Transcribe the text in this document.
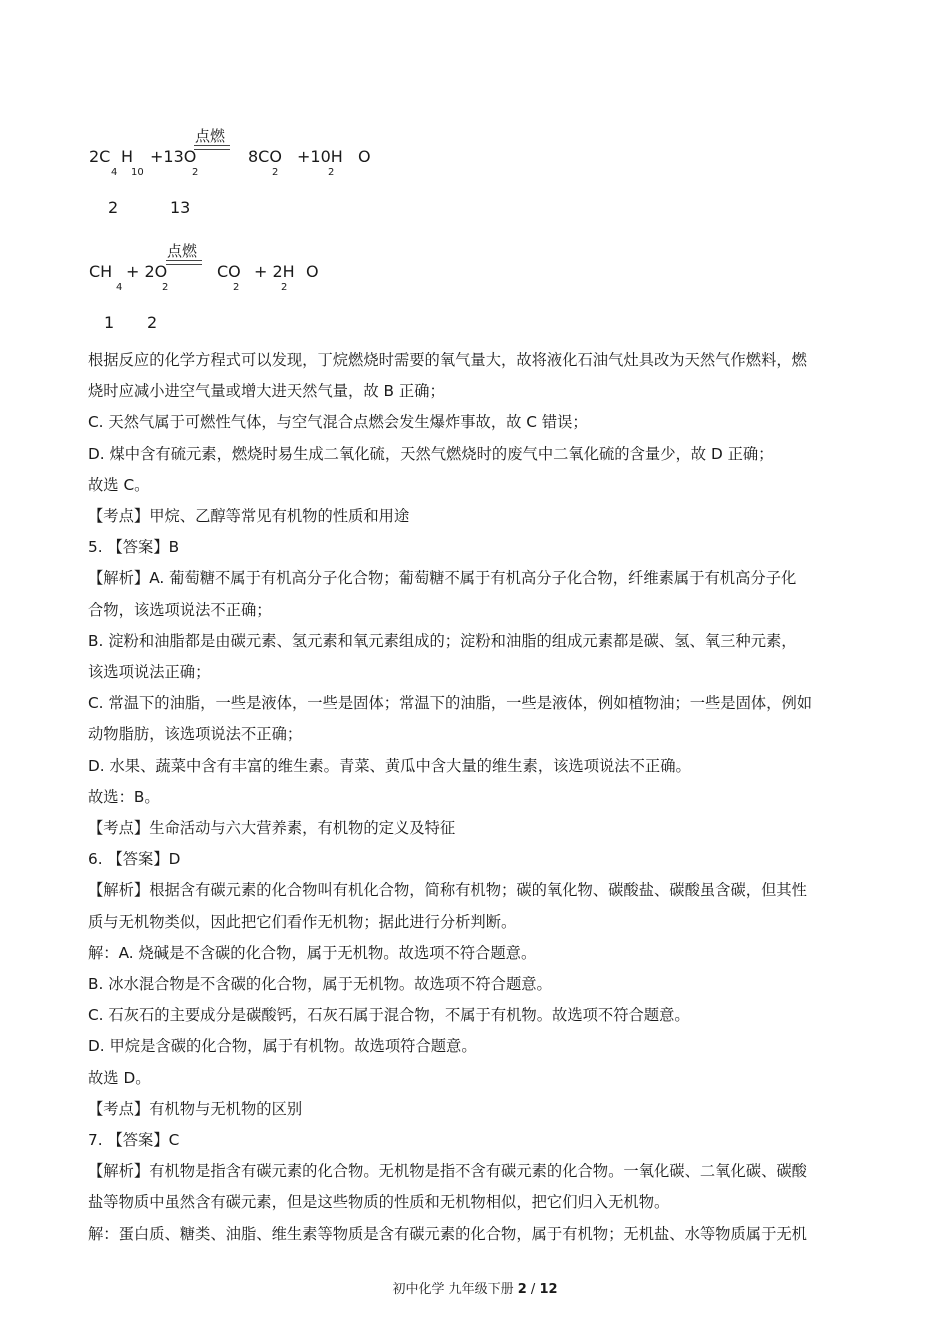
点燃
2C H +13O	8CO +10H O
4 10	2	2	2
2	13
点燃
CH + 2O	CO + 2H O
4	2	2	2
1 2
根据反应的化学方程式可以发现，丁烷燃烧时需要的氧气量大，故将液化石油气灶具改为天然气作燃料，燃
烧时应减小进空气量或增大进天然气量，故 B 正确；
C. 天然气属于可燃性气体，与空气混合点燃会发生爆炸事故，故 C 错误；
D. 煤中含有硫元素，燃烧时易生成二氧化硫，天然气燃烧时的废气中二氧化硫的含量少，故 D 正确；
故选 C。
【考点】甲烷、乙醇等常见有机物的性质和用途
5. 【答案】B
【解析】A. 葡萄糖不属于有机高分子化合物；葡萄糖不属于有机高分子化合物，纤维素属于有机高分子化
合物，该选项说法不正确；
B. 淀粉和油脂都是由碳元素、氢元素和氧元素组成的；淀粉和油脂的组成元素都是碳、氢、氧三种元素，
该选项说法正确；
C. 常温下的油脂，一些是液体，一些是固体；常温下的油脂，一些是液体，例如植物油；一些是固体，例如
动物脂肪，该选项说法不正确；
D. 水果、蔬菜中含有丰富的维生素。青菜、黄瓜中含大量的维生素，该选项说法不正确。
故选：B。
【考点】生命活动与六大营养素，有机物的定义及特征
6. 【答案】D
【解析】根据含有碳元素的化合物叫有机化合物，简称有机物；碳的氧化物、碳酸盐、碳酸虽含碳，但其性
质与无机物类似，因此把它们看作无机物；据此进行分析判断。
解：A. 烧碱是不含碳的化合物，属于无机物。故选项不符合题意。
B. 冰水混合物是不含碳的化合物，属于无机物。故选项不符合题意。
C. 石灰石的主要成分是碳酸钙，石灰石属于混合物，不属于有机物。故选项不符合题意。
D. 甲烷是含碳的化合物，属于有机物。故选项符合题意。
故选 D。
【考点】有机物与无机物的区别
7. 【答案】C
【解析】有机物是指含有碳元素的化合物。无机物是指不含有碳元素的化合物。一氧化碳、二氧化碳、碳酸
盐等物质中虽然含有碳元素，但是这些物质的性质和无机物相似，把它们归入无机物。
解：蛋白质、糖类、油脂、维生素等物质是含有碳元素的化合物，属于有机物；无机盐、水等物质属于无机
初中化学 九年级下册 2 / 12
